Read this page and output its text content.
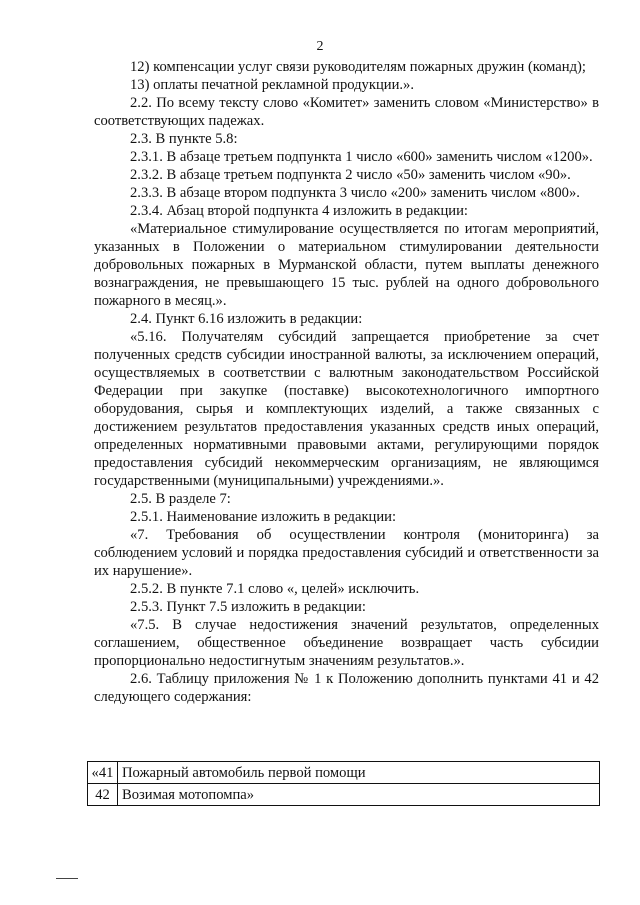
2

12) компенсации услуг связи руководителям пожарных дружин (команд);

13) оплаты печатной рекламной продукции.».

2.2. По всему тексту слово «Комитет» заменить словом «Министерство» в соответствующих падежах.

2.3. В пункте 5.8:

2.3.1. В абзаце третьем подпункта 1 число «600» заменить числом «1200».

2.3.2. В абзаце третьем подпункта 2 число «50» заменить числом «90».

2.3.3. В абзаце втором подпункта 3 число «200» заменить числом «800».

2.3.4. Абзац второй подпункта 4 изложить в редакции:

«Материальное стимулирование осуществляется по итогам мероприятий, указанных в Положении о материальном стимулировании деятельности добровольных пожарных в Мурманской области, путем выплаты денежного вознаграждения, не превышающего 15 тыс. рублей на одного добровольного пожарного в месяц.».

2.4. Пункт 6.16 изложить в редакции:

«5.16. Получателям субсидий запрещается приобретение за счет полученных средств субсидии иностранной валюты, за исключением операций, осуществляемых в соответствии с валютным законодательством Российской Федерации при закупке (поставке) высокотехнологичного импортного оборудования, сырья и комплектующих изделий, а также связанных с достижением результатов предоставления указанных средств иных операций, определенных нормативными правовыми актами, регулирующими порядок предоставления субсидий некоммерческим организациям, не являющимся государственными (муниципальными) учреждениями.».

2.5. В разделе 7:

2.5.1. Наименование изложить в редакции:

«7. Требования об осуществлении контроля (мониторинга) за соблюдением условий и порядка предоставления субсидий и ответственности за их нарушение».

2.5.2. В пункте 7.1 слово «, целей» исключить.

2.5.3. Пункт 7.5 изложить в редакции:

«7.5. В случае недостижения значений результатов, определенных соглашением, общественное объединение возвращает часть субсидии пропорционально недостигнутым значениям результатов.».

2.6. Таблицу приложения № 1 к Положению дополнить пунктами 41 и 42 следующего содержания:

«41	Пожарный автомобиль первой помощи
42	Возимая мотопомпа»
